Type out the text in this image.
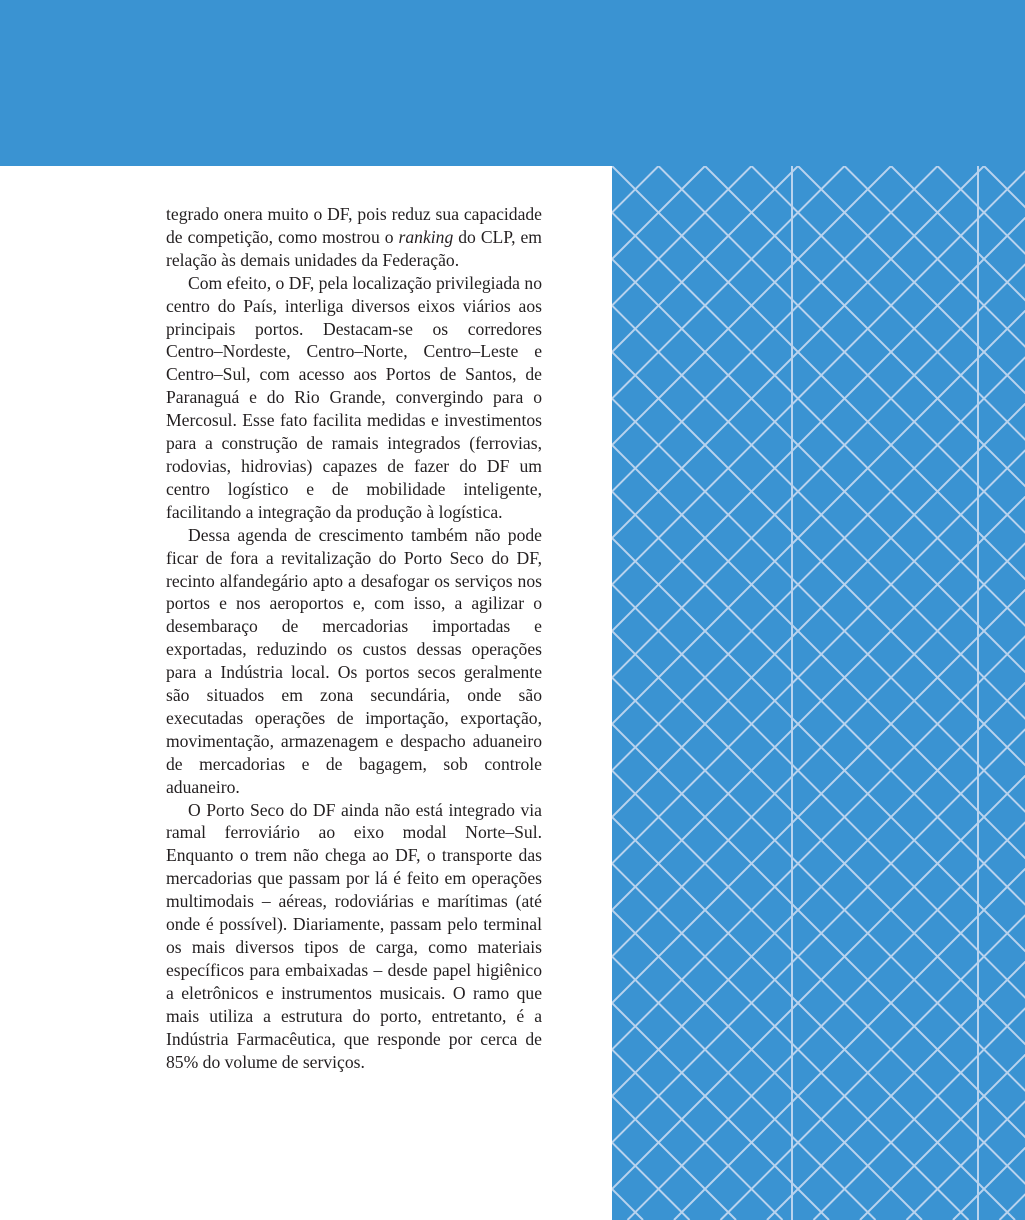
tegrado onera muito o DF, pois reduz sua capacidade de competição, como mostrou o ranking do CLP, em relação às demais unidades da Federação.

Com efeito, o DF, pela localização privilegiada no centro do País, interliga diversos eixos viários aos principais portos. Destacam-se os corredores Centro–Nordeste, Centro–Norte, Centro–Leste e Centro–Sul, com acesso aos Portos de Santos, de Paranaguá e do Rio Grande, convergindo para o Mercosul. Esse fato facilita medidas e investimentos para a construção de ramais integrados (ferrovias, rodovias, hidrovias) capazes de fazer do DF um centro logístico e de mobilidade inteligente, facilitando a integração da produção à logística.

Dessa agenda de crescimento também não pode ficar de fora a revitalização do Porto Seco do DF, recinto alfandegário apto a desafogar os serviços nos portos e nos aeroportos e, com isso, a agilizar o desembaraço de mercadorias importadas e exportadas, reduzindo os custos dessas operações para a Indústria local. Os portos secos geralmente são situados em zona secundária, onde são executadas operações de importação, exportação, movimentação, armazenagem e despacho aduaneiro de mercadorias e de bagagem, sob controle aduaneiro.

O Porto Seco do DF ainda não está integrado via ramal ferroviário ao eixo modal Norte–Sul. Enquanto o trem não chega ao DF, o transporte das mercadorias que passam por lá é feito em operações multimodais – aéreas, rodoviárias e marítimas (até onde é possível). Diariamente, passam pelo terminal os mais diversos tipos de carga, como materiais específicos para embaixadas – desde papel higiênico a eletrônicos e instrumentos musicais. O ramo que mais utiliza a estrutura do porto, entretanto, é a Indústria Farmacêutica, que responde por cerca de 85% do volume de serviços.
